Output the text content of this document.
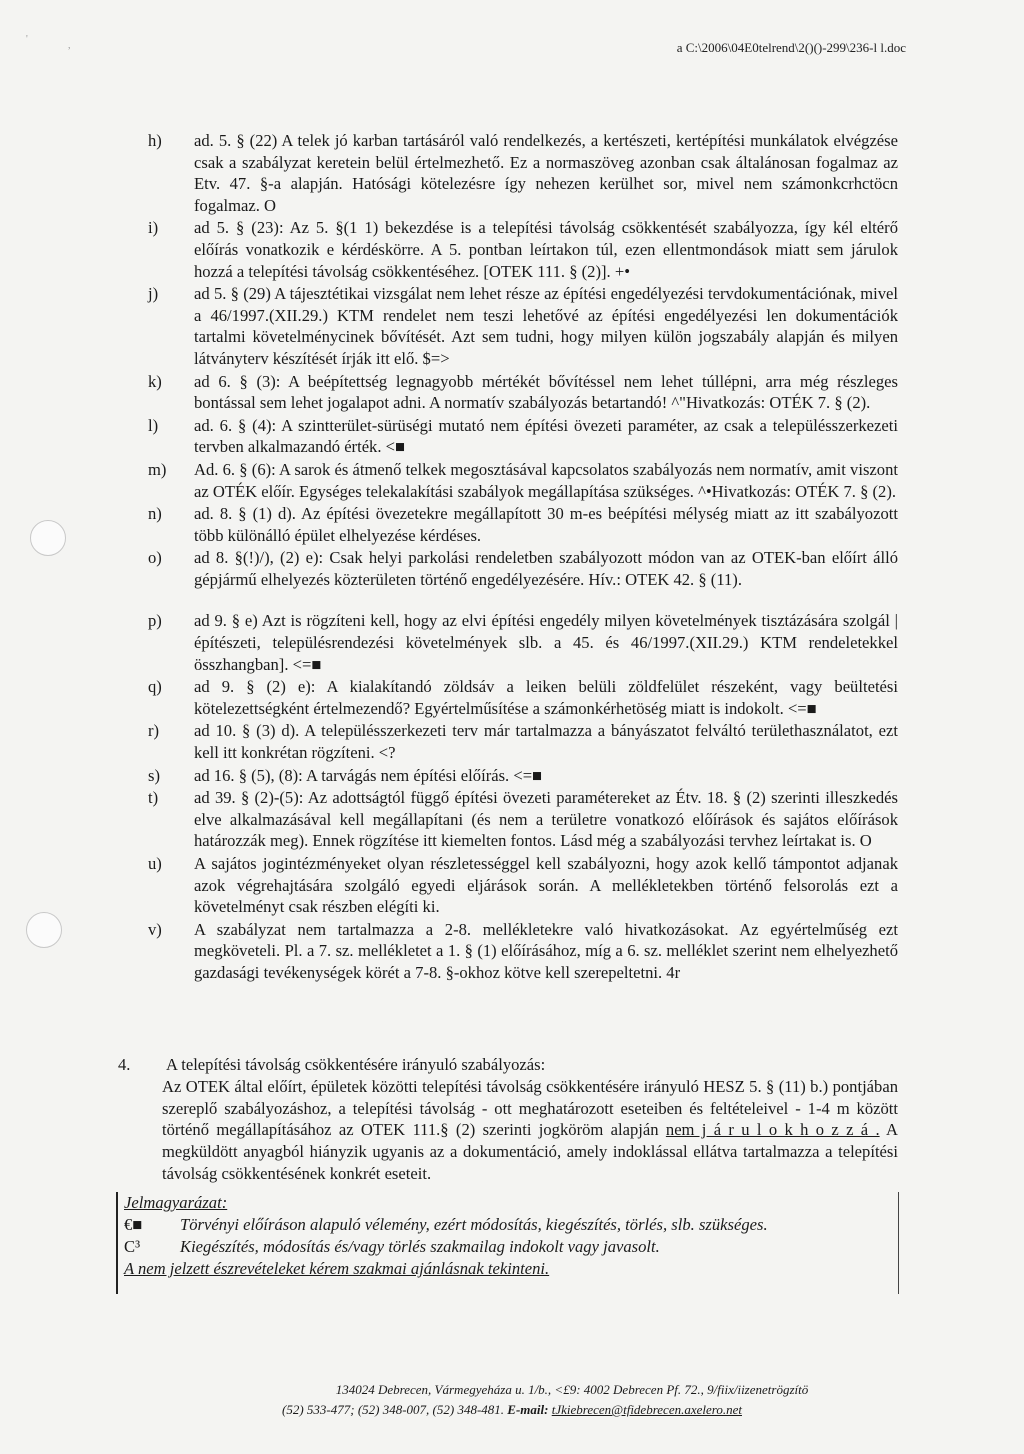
'
,	a C:\2006\04E0telrend\2()()-299\236-l l.doc
h) ad. 5. § (22) A telek jó karban tartásáról való rendelkezés, a kertészeti, kertépítési munkálatok elvégzése csak a szabályzat keretein belül értelmezhető. Ez a normaszöveg azonban csak általánosan fogalmaz az Etv. 47. §-a alapján. Hatósági kötelezésre így nehezen kerülhet sor, mivel nem számonkcrhctöcn fogalmaz. O
i) ad 5. § (23): Az 5. §(1 1) bekezdése is a telepítési távolság csökkentését szabályozza, így kél eltérő előírás vonatkozik e kérdéskörre. A 5. pontban leírtakon túl, ezen ellentmondások miatt sem járulok hozzá a telepítési távolság csökkentéséhez. [OTEK 111. § (2)]. +•
j) ad 5. § (29) A tájesztétikai vizsgálat nem lehet része az építési engedélyezési tervdokumentációnak, mivel a 46/1997.(XII.29.) KTM rendelet nem teszi lehetővé az építési engedélyezési len dokumentációk tartalmi követelménycinek bővítését. Azt sem tudni, hogy milyen külön jogszabály alapján és milyen látványterv készítését írják itt elő. $=>
k) ad 6. § (3): A beépítettség legnagyobb mértékét bővítéssel nem lehet túllépni, arra még részleges bontással sem lehet jogalapot adni. A normatív szabályozás betartandó! ^"Hivatkozás: OTÉK 7. § (2).
l) ad. 6. § (4): A szintterület-sürüségi mutató nem építési övezeti paraméter, az csak a településszerkezeti tervben alkalmazandó érték. <■
m) Ad. 6. § (6): A sarok és átmenő telkek megosztásával kapcsolatos szabályozás nem normatív, amit viszont az OTÉK előír. Egységes telekalakítási szabályok megállapítása szükséges. ^•Hivatkozás: OTÉK 7. § (2).
n) ad. 8. § (1) d). Az építési övezetekre megállapított 30 m-es beépítési mélység miatt az itt szabályozott több különálló épület elhelyezése kérdéses.
o) ad 8. §(!)/), (2) e): Csak helyi parkolási rendeletben szabályozott módon van az OTEK-ban előírt álló gépjármű elhelyezés közterületen történő engedélyezésére. Hív.: OTEK 42. § (11).
p) ad 9. § e) Azt is rögzíteni kell, hogy az elvi építési engedély milyen követelmények tisztázására szolgál |építészeti, településrendezési követelmények slb. a 45. és 46/1997.(XII.29.) KTM rendeletekkel összhangban]. <=■
q) ad 9. § (2) e): A kialakítandó zöldsáv a leiken belüli zöldfelület részeként, vagy beültetési kötelezettségként értelmezendő? Egyértelműsítése a számonkérhetöség miatt is indokolt. <=■
r) ad 10. § (3) d). A településszerkezeti terv már tartalmazza a bányászatot felváltó területhasználatot, ezt kell itt konkrétan rögzíteni. <?
s) ad 16. § (5), (8): A tarvágás nem építési előírás. <=■
t) ad 39. § (2)-(5): Az adottságtól függő építési övezeti paramétereket az Étv. 18. § (2) szerinti illeszkedés elve alkalmazásával kell megállapítani (és nem a területre vonatkozó előírások és sajátos előírások határozzák meg). Ennek rögzítése itt kiemelten fontos. Lásd még a szabályozási tervhez leírtakat is. O
u) A sajátos jogintézményeket olyan részletességgel kell szabályozni, hogy azok kellő támpontot adjanak azok végrehajtására szolgáló egyedi eljárások során. A mellékletekben történő felsorolás ezt a követelményt csak részben elégíti ki.
v) A szabályzat nem tartalmazza a 2-8. mellékletekre való hivatkozásokat. Az egyértelműség ezt megköveteli. Pl. a 7. sz. mellékletet a 1. § (1) előírásához, míg a 6. sz. melléklet szerint nem elhelyezhető gazdasági tevékenységek körét a 7-8. §-okhoz kötve kell szerepeltetni. 4r
4. A telepítési távolság csökkentésére irányuló szabályozás:
Az OTEK által előírt, épületek közötti telepítési távolság csökkentésére irányuló HESZ 5. § (11) b.) pontjában szereplő szabályozáshoz, a telepítési távolság - ott meghatározott eseteiben és feltételeivel - 1-4 m között történő megállapításához az OTEK 111.§ (2) szerinti jogköröm alapján nem j á r u l o k h o z z á . A megküldött anyagból hiányzik ugyanis az a dokumentáció, amely indoklással ellátva tartalmazza a telepítési távolság csökkentésének konkrét eseteit.
Jelmagyarázat:
€■ Törvényi előíráson alapuló vélemény, ezért módosítás, kiegészítés, törlés, slb. szükséges.
C³ Kiegészítés, módosítás és/vagy törlés szakmailag indokolt vagy javasolt.
A nem jelzett észrevételeket kérem szakmai ajánlásnak tekinteni.
134024 Debrecen, Vármegyeháza u. 1/b., <£9: 4002 Debrecen Pf. 72., 9/fiix/iizenetrögzítö
(52) 533-477; (52) 348-007, (52) 348-481. E-mail: tJkiebrecen@tfidebrecen.axelero.net
